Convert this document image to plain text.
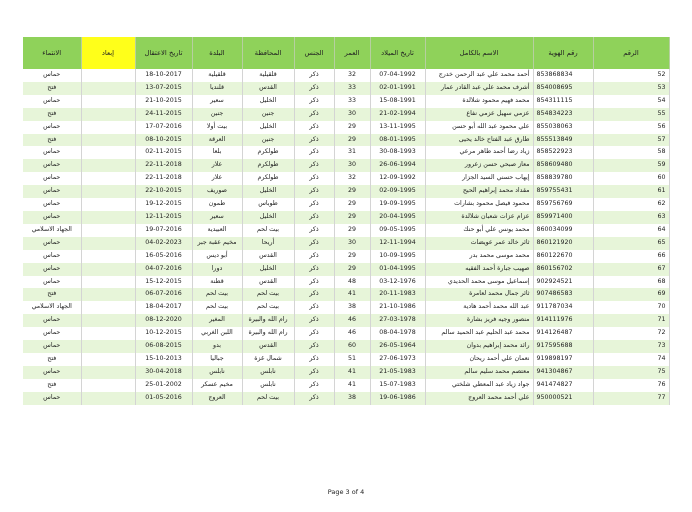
الانتماء	إبعاد	تاريخ الاعتقال	البلدة	المحافظة	الجنس	العمر	تاريخ الميلاد	الاسم بالكامل	رقم الهوية	الرقم
حماس		18-10-2017	قلقيلية	قلقيلية	ذكر	32	07-04-1992	أحمد محمد علي عبد الرحمن خدرج	853868834	52
فتح		13-07-2015	قلنديا	القدس	ذكر	33	02-01-1991	أشرف محمد علي عبد القادر عمار	854008695	53
حماس		21-10-2015	سعير	الخليل	ذكر	33	15-08-1991	محمد فهيم محمود شلالدة	854311115	54
فتح		24-11-2015	جنين	جنين	ذكر	30	21-02-1994	عزمي سهيل عزمي نفاع	854834223	55
حماس		17-07-2016	بيت أولا	الخليل	ذكر	29	13-11-1995	علي محمود عبد الله أبو حسن	855038063	56
فتح		08-10-2015	العرقة	جنين	ذكر	29	08-01-1995	طارق عبد الفتاح خالد يحيى	855513849	57
حماس		02-11-2015	بلعا	طولكرم	ذكر	31	30-08-1993	زياد رضا أحمد طاهر مرعي	858522923	58
حماس		22-11-2018	علار	طولكرم	ذكر	30	26-06-1994	معاز صبحي حسن زعرور	858609480	59
حماس		22-11-2018	علار	طولكرم	ذكر	32	12-09-1992	إيهاب حسني السيد الجزار	858839780	60
حماس		22-10-2015	صوريف	الخليل	ذكر	29	02-09-1995	مقداد محمد إبراهيم الحيح	859755431	61
حماس		19-12-2015	طمون	طوباس	ذكر	29	19-09-1995	محمود فيصل محمود بشارات	859756769	62
حماس		12-11-2015	سعير	الخليل	ذكر	29	20-04-1995	عزام عزات شعبان شلالدة	859971400	63
الجهاد الاسلامي		19-07-2016	العبيدية	بيت لحم	ذكر	29	09-05-1995	محمد يونس علي أبو حنك	860034099	64
حماس		04-02-2023	مخيم عقبة جبر	أريحا	ذكر	30	12-11-1994	ثائر خالد عمر عويضات	860121920	65
حماس		16-05-2016	أبو ديس	القدس	ذكر	29	10-09-1995	محمد موسى محمد بدر	860122670	66
حماس		04-07-2016	دورا	الخليل	ذكر	29	01-04-1995	صهيب جبارة أحمد الفقيه	860156702	67
حماس		15-12-2015	قطنة	القدس	ذكر	48	03-12-1976	إسماعيل موسى محمد الحديدي	902924521	68
فتح		06-07-2016	بيت لحم	بيت لحم	ذكر	41	20-11-1983	ثائر جمال محمد لعامرة	907486583	69
الجهاد الاسلامي		18-04-2017	بيت لحم	بيت لحم	ذكر	38	21-10-1986	عبد الله محمد أحمد هادية	911787034	70
حماس		08-12-2020	المغير	رام الله والبيرة	ذكر	46	27-03-1978	منصور وجيه فريز بشارة	914111976	71
حماس		10-12-2015	اللبن الغربي	رام الله والبيرة	ذكر	46	08-04-1978	محمد عبد الحليم عبد الحميد سالم	914126487	72
حماس		06-08-2015	بدو	القدس	ذكر	60	26-05-1964	رائد محمد إبراهيم بدوان	917595688	73
فتح		15-10-2013	جباليا	شمال غزة	ذكر	51	27-06-1973	نعمان علي أحمد ريحان	919898197	74
حماس		30-04-2018	نابلس	نابلس	ذكر	41	21-05-1983	معتصم محمد سليم سالم	941304867	75
فتح		25-01-2002	مخيم عسكر	نابلس	ذكر	41	15-07-1983	جواد زياد عبد المعطي شلختي	941474827	76
حماس		01-05-2016	العروج	بيت لحم	ذكر	38	19-06-1986	علي أحمد محمد العروج	950000521	77
Page 3 of 4
